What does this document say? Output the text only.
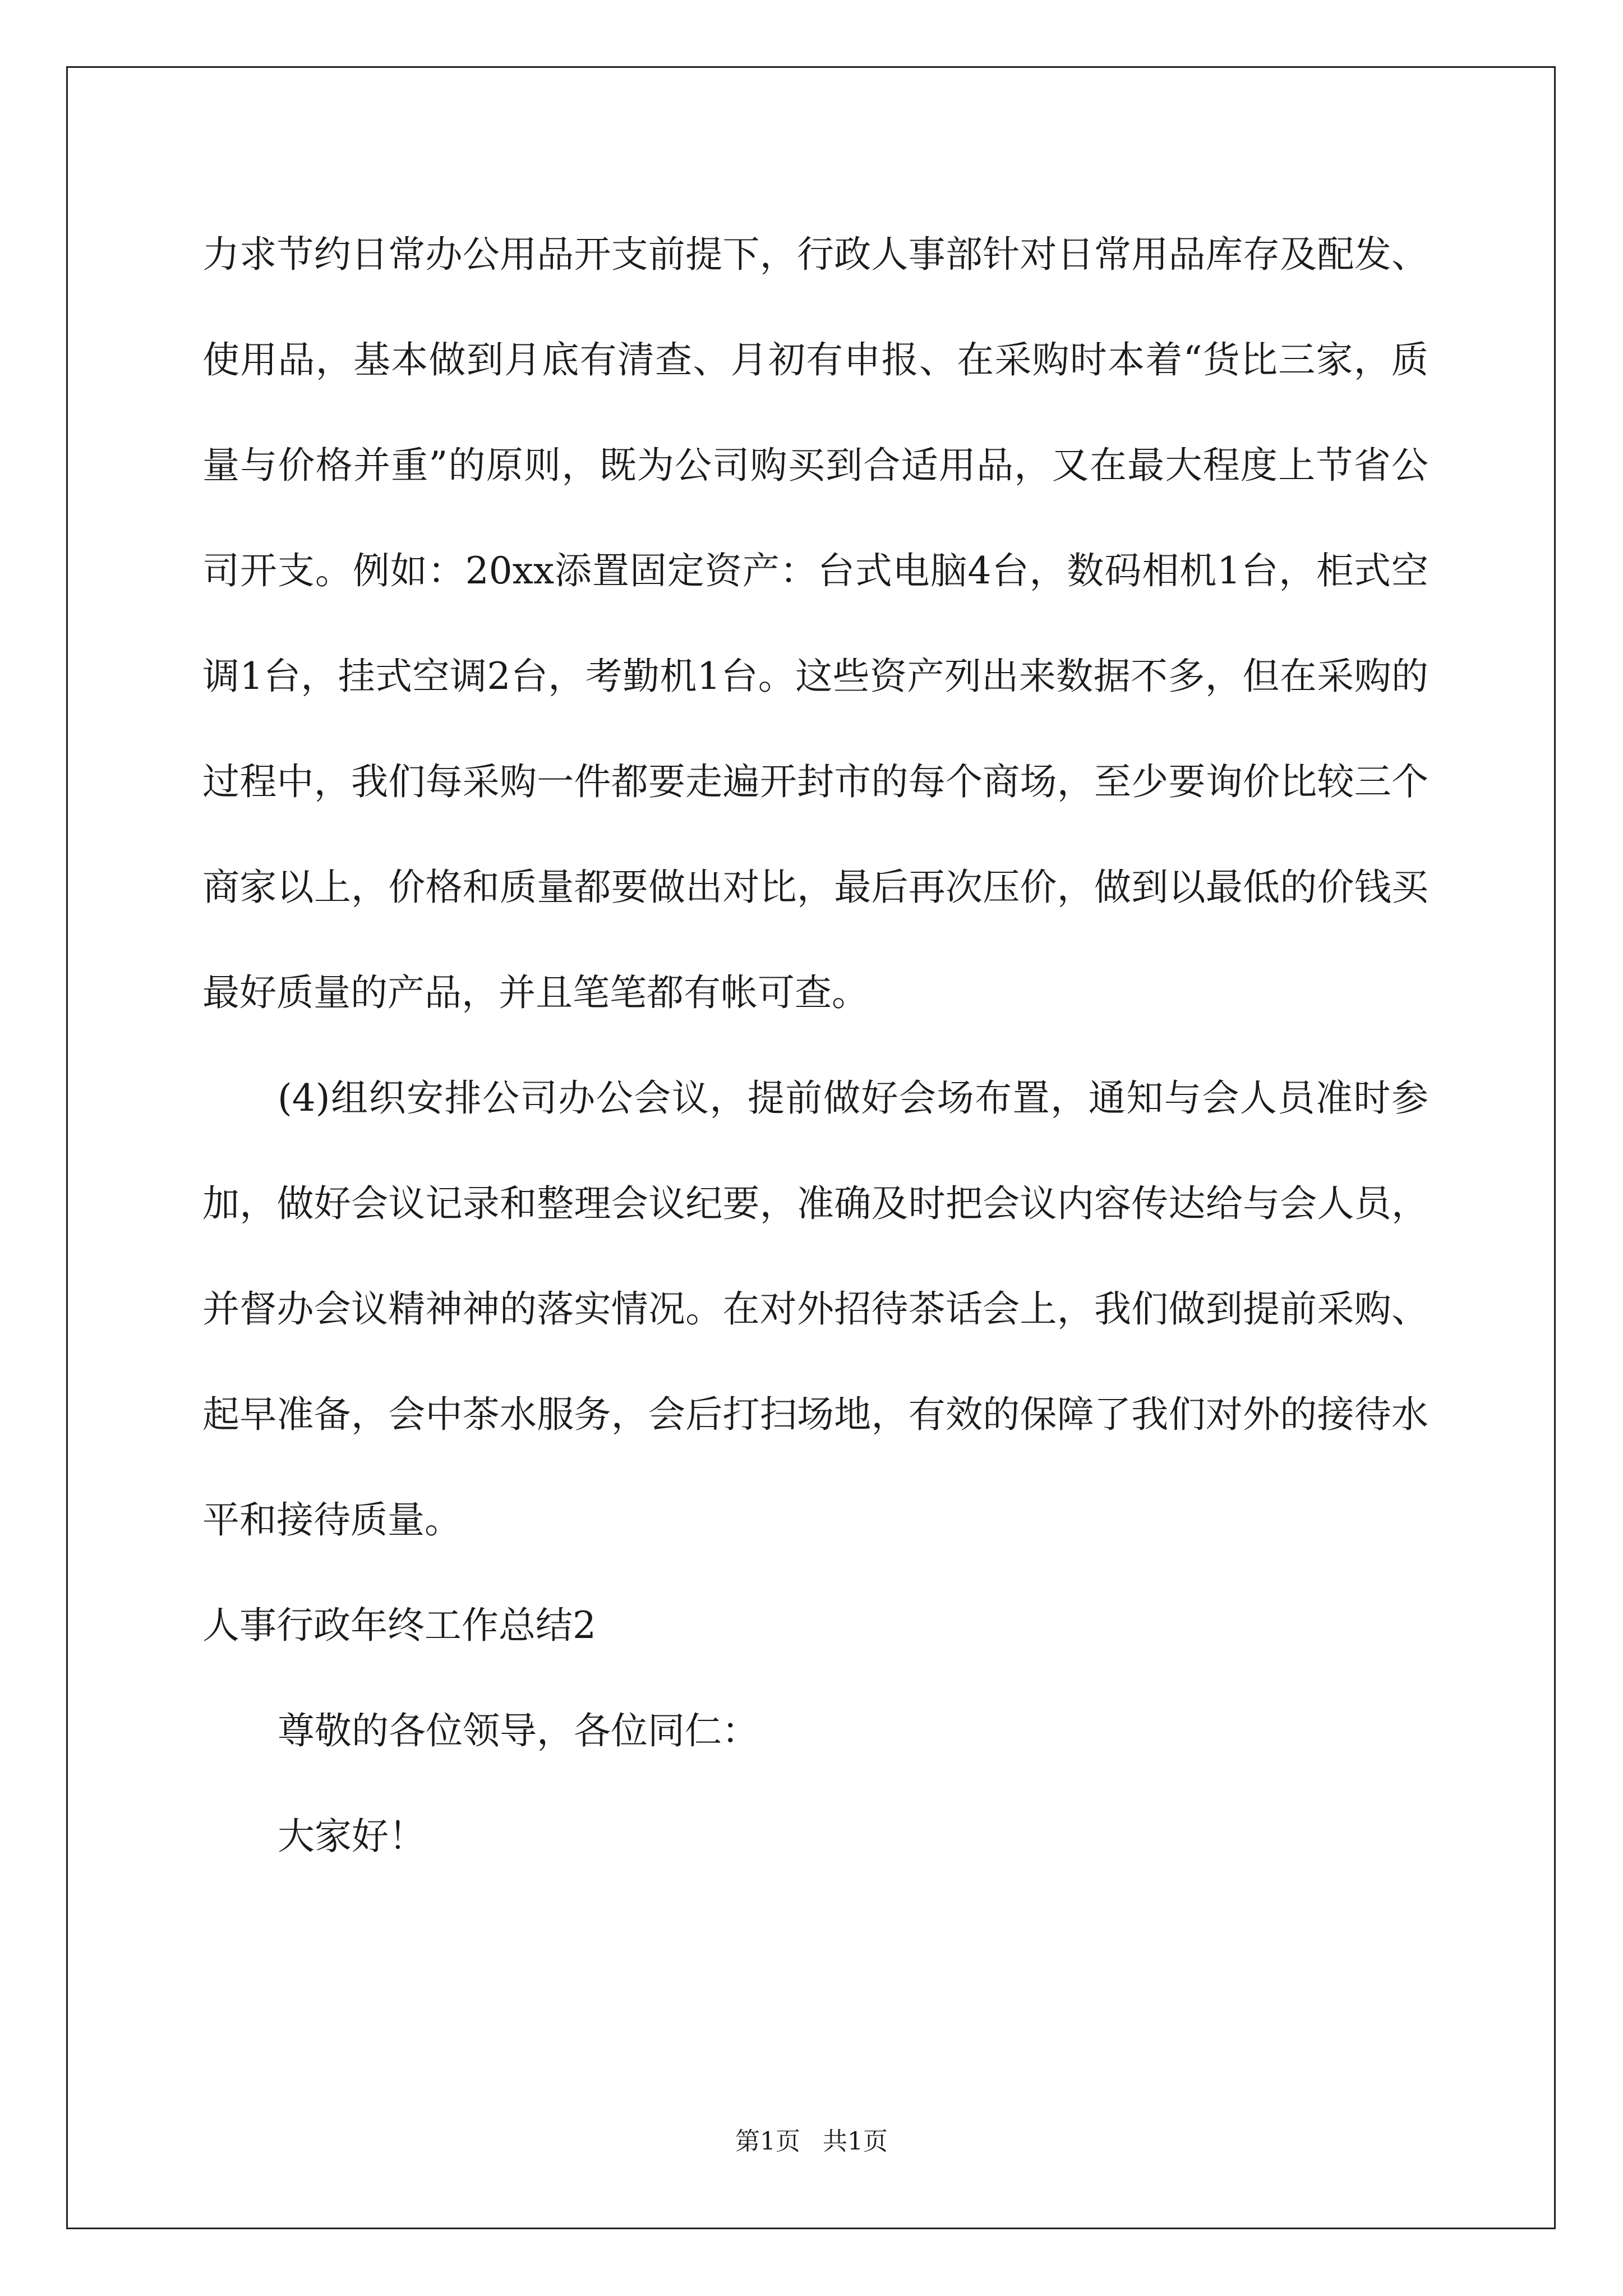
力求节约日常办公用品开支前提下，行政人事部针对日常用品库存及配发、使用品，基本做到月底有清查、月初有申报、在采购时本着“货比三家，质量与价格并重”的原则，既为公司购买到合适用品，又在最大程度上节省公司开支。例如：20xx添置固定资产：台式电脑4台，数码相机1台，柜式空调1台，挂式空调2台，考勤机1台。这些资产列出来数据不多，但在采购的过程中，我们每采购一件都要走遍开封市的每个商场，至少要询价比较三个商家以上，价格和质量都要做出对比，最后再次压价，做到以最低的价钱买最好质量的产品，并且笔笔都有帐可查。

(4)组织安排公司办公会议，提前做好会场布置，通知与会人员准时参加，做好会议记录和整理会议纪要，准确及时把会议内容传达给与会人员，并督办会议精神神的落实情况。在对外招待茶话会上，我们做到提前采购、起早准备，会中茶水服务，会后打扫场地，有效的保障了我们对外的接待水平和接待质量。

人事行政年终工作总结2

尊敬的各位领导，各位同仁：

大家好！

第1页 共1页
